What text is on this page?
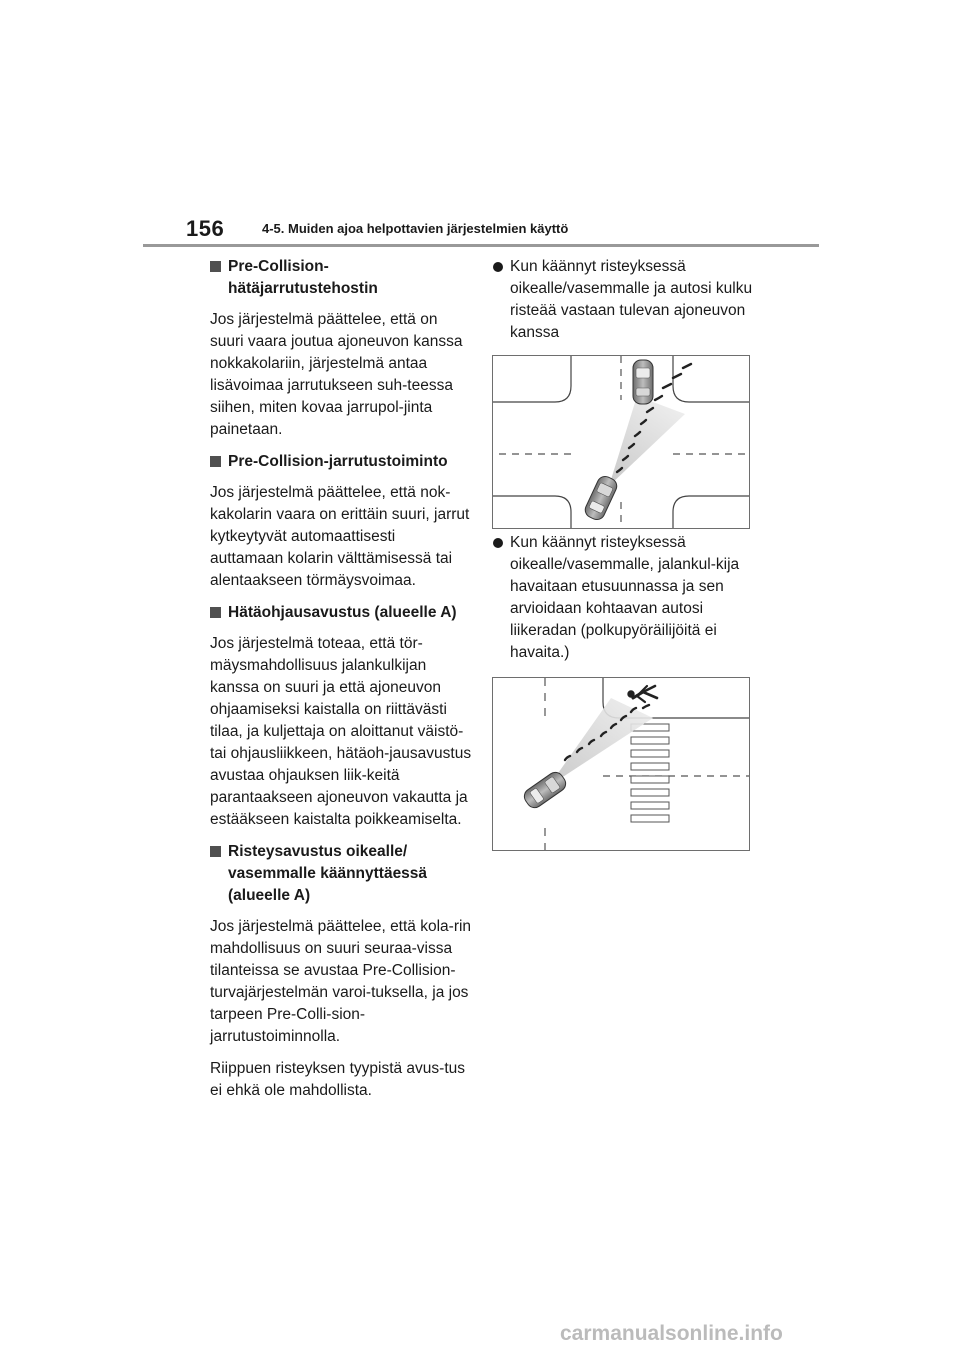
156	4-5. Muiden ajoa helpottavien järjestelmien käyttö
Pre-Collision-hätäjarrutustehostin

Jos järjestelmä päättelee, että on suuri vaara joutua ajoneuvon kanssa nokkakolariin, järjestelmä antaa lisävoimaa jarrutukseen suh-teessa siihen, miten kovaa jarrupol-jinta painetaan.

Pre-Collision-jarrutustoiminto

Jos järjestelmä päättelee, että nok-kakolarin vaara on erittäin suuri, jarrut kytkeytyvät automaattisesti auttamaan kolarin välttämisessä tai alentaakseen törmäysvoimaa.

Hätäohjausavustus (alueelle A)

Jos järjestelmä toteaa, että tör-mäysmahdollisuus jalankulkijan kanssa on suuri ja että ajoneuvon ohjaamiseksi kaistalla on riittävästi tilaa, ja kuljettaja on aloittanut väistö- tai ohjausliikkeen, hätäoh-jausavustus avustaa ohjauksen liik-keitä parantaakseen ajoneuvon vakautta ja estääkseen kaistalta poikkeamiselta.

Risteysavustus oikealle/ vasemmalle käännyttäessä (alueelle A)

Jos järjestelmä päättelee, että kola-rin mahdollisuus on suuri seuraa-vissa tilanteissa se avustaa Pre-Collision-turvajärjestelmän varoi-tuksella, ja jos tarpeen Pre-Colli-sion-jarrutustoiminnolla.

Riippuen risteyksen tyypistä avus-tus ei ehkä ole mahdollista.

Kun käännyt risteyksessä oikealle/vasemmalle ja autosi kulku risteää vastaan tulevan ajoneuvon kanssa
Kun käännyt risteyksessä oikealle/vasemmalle, jalankul-kija havaitaan etusuunnassa ja sen arvioidaan kohtaavan autosi liikeradan (polkupyöräilijöitä ei havaita.)
carmanualsonline.info
